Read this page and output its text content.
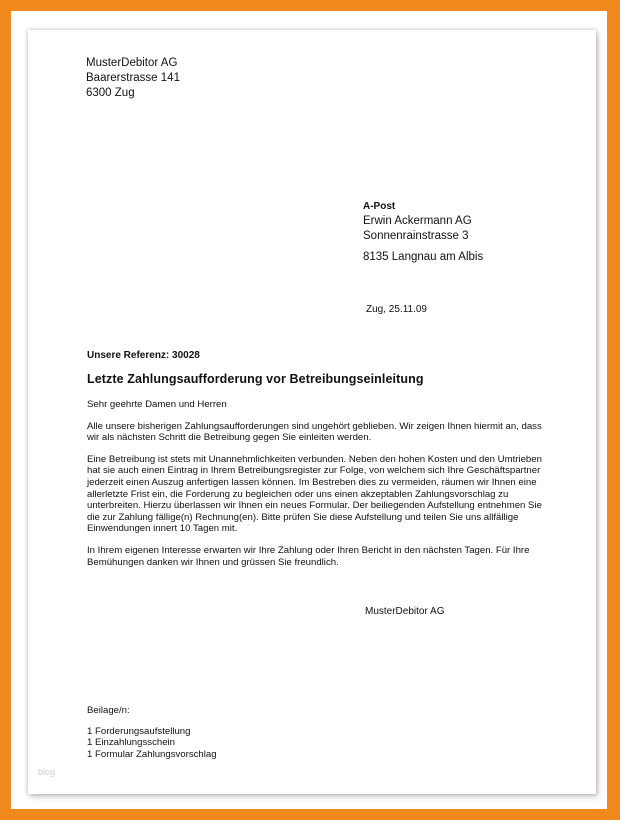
MusterDebitor AG
Baarerstrasse 141
6300 Zug
A-Post
Erwin Ackermann AG
Sonnenrainstrasse 3
8135 Langnau am Albis
Zug, 25.11.09
Unsere Referenz: 30028
Letzte Zahlungsaufforderung vor Betreibungseinleitung

Sehr geehrte Damen und Herren

Alle unsere bisherigen Zahlungsaufforderungen sind ungehört geblieben. Wir zeigen Ihnen hiermit an, dass wir als nächsten Schritt die Betreibung gegen Sie einleiten werden.

Eine Betreibung ist stets mit Unannehmlichkeiten verbunden. Neben den hohen Kosten und den Umtrieben hat sie auch einen Eintrag in Ihrem Betreibungsregister zur Folge, von welchem sich Ihre Geschäftspartner jederzeit einen Auszug anfertigen lassen können. Im Bestreben dies zu vermeiden, räumen wir Ihnen eine allerletzte Frist ein, die Forderung zu begleichen oder uns einen akzeptablen Zahlungsvorschlag zu unterbreiten. Hierzu überlassen wir Ihnen ein neues Formular. Der beiliegenden Aufstellung entnehmen Sie die zur Zahlung fällige(n) Rechnung(en). Bitte prüfen Sie diese Aufstellung und teilen Sie uns allfällige Einwendungen innert 10 Tagen mit.

In Ihrem eigenen Interesse erwarten wir Ihre Zahlung oder Ihren Bericht in den nächsten Tagen. Für Ihre Bemühungen danken wir Ihnen und grüssen Sie freundlich.

MusterDebitor AG
Beilage/n:
1 Forderungsaufstellung
1 Einzahlungsschein
1 Formular Zahlungsvorschlag
blog
